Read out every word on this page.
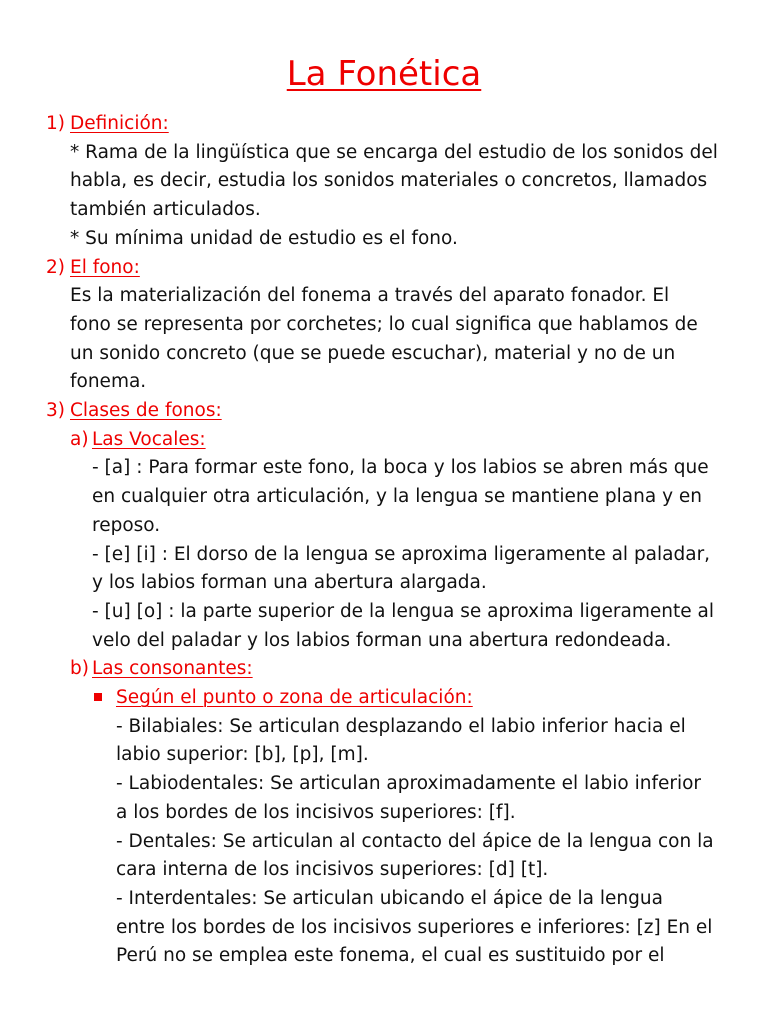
La Fonética
1) Definición:
* Rama de la lingüística que se encarga del estudio de los sonidos del
habla, es decir, estudia los sonidos materiales o concretos, llamados
también articulados.
* Su mínima unidad de estudio es el fono.
2) El fono:
Es la materialización del fonema a través del aparato fonador. El
fono se representa por corchetes; lo cual significa que hablamos de
un sonido concreto (que se puede escuchar), material y no de un
fonema.
3) Clases de fonos:
a) Las Vocales:
- [a] : Para formar este fono, la boca y los labios se abren más que
en cualquier otra articulación, y la lengua se mantiene plana y en
reposo.
- [e] [i] : El dorso de la lengua se aproxima ligeramente al paladar,
y los labios forman una abertura alargada.
- [u] [o] : la parte superior de la lengua se aproxima ligeramente al
velo del paladar y los labios forman una abertura redondeada.
b) Las consonantes:
Según el punto o zona de articulación:
- Bilabiales: Se articulan desplazando el labio inferior hacia el
labio superior: [b], [p], [m].
- Labiodentales: Se articulan aproximadamente el labio inferior
a los bordes de los incisivos superiores: [f].
- Dentales: Se articulan al contacto del ápice de la lengua con la
cara interna de los incisivos superiores: [d] [t].
- Interdentales: Se articulan ubicando el ápice de la lengua
entre los bordes de los incisivos superiores e inferiores: [z] En el
Perú no se emplea este fonema, el cual es sustituido por el
